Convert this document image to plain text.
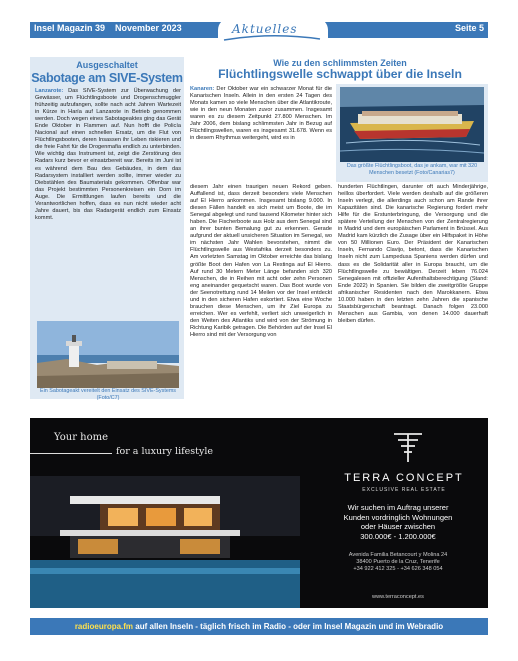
Insel Magazin 39 November 2023	Aktuelles	Seite 5
Ausgeschaltet
Sabotage am SIVE-System
Lanzarote: Das SIVE-System zur Überwachung der Gewässer, um Flüchtlingsboote und Drogenschmuggler frühzeitig aufzufangen, sollte nach acht Jahren Wartezeit in Kürze in Haría auf Lanzarote in Betrieb genommen werden. Doch wegen eines Sabotageaktes ging das Gerät Ende Oktober in Flammen auf. Nun hofft die Policía Nacional auf einen schnellen Ersatz, um die Flut von Flüchtlingsbooten, deren Insassen ihr Leben riskieren und die freie Fahrt für die Drogenmafia endlich zu unterbinden. Wie wichtig das Instrument ist, zeigt die Zerstörung des Radars kurz bevor er einsatzbereit war. Bereits im Juni ist es während dem Bau des Gebäudes, in dem das Radarsystem installiert werden sollte, immer wieder zu Diebstählen des Baumaterials gekommen. Offenbar war das Projekt bestimmten Personenkreisen ein Dorn im Auge. Die Ermittlungen laufen bereits und die Verantwortlichen hoffen, dass es nun nicht wieder acht Jahre dauert, bis das Radargerät endlich zum Einsatz kommt.
Ein Sabotageakt vereitelt den Einsatz des SIVE-Systems (Foto/C7)
Wie zu den schlimmsten Zeiten
Flüchtlingswelle schwappt über die Inseln
Kanaren: Der Oktober war ein schwarzer Monat für die Kanarischen Inseln. Allein in den ersten 24 Tagen des Monats kamen so viele Menschen über die Atlantikroute, wie in den neun Monaten zuvor zusammen. Insgesamt waren es zu diesem Zeitpunkt 27.800 Menschen. Im Jahr 2006, dem bislang schlimmsten Jahr in Bezug auf Flüchtlingswellen, waren es insgesamt 31.678. Wenn es in diesem Rhythmus weitergeht, wird es in
Das größte Flüchtlingsboot, das je ankam, war mit 320 Menschen besetzt (Foto/Canarias7)
diesem Jahr einen traurigen neuen Rekord geben. Auffallend ist, dass derzeit besonders viele Menschen auf El Hierro ankommen. Insgesamt bislang 9.000. In diesen Fällen handelt es sich meist um Boote, die im Senegal abgelegt und rund tausend Kilometer hinter sich haben. Die Fischerboote aus Holz aus dem Senegal sind an ihrer bunten Bemalung gut zu erkennen. Gerade aufgrund der aktuell unsicheren Situation im Senegal, wo im nächsten Jahr Wahlen bevorstehen, nimmt die Flüchtlingswelle aus Westafrika derzeit besonders zu. Am vorletzten Samstag im Oktober erreichte das bislang größte Boot den Hafen von La Restinga auf El Hierro. Auf rund 30 Metern Meter Länge befanden sich 320 Menschen, die in Reihen mit acht oder zehn Personen eng aneinander gequetscht waren. Das Boot wurde von der Seenotrettung rund 14 Meilen vor der Insel entdeckt und in den sicheren Hafen eskortiert. Etwa eine Woche brauchen diese Menschen, um ihr Ziel Europa zu erreichen. Wer es verfehlt, verliert sich unweigerlich in den Weiten des Atlantiks und wird von der Strömung in Richtung Karibik getragen. Die Behörden auf der Insel El Hierro sind mit der Versorgung von
hunderten Flüchtlingen, darunter oft auch Minderjährige, heillos überfordert. Viele werden deshalb auf die größeren Inseln verlegt, die allerdings auch schon am Rande ihrer Kapazitäten sind. Die kanarische Regierung fordert mehr Hilfe für die Erstunterbringung, die Versorgung und die spätere Verteilung der Menschen von der Zentralregierung in Madrid und dem europäischen Parlament in Brüssel. Aus Madrid kam kürzlich die Zusage über ein Hilfspaket in Höhe von 50 Millionen Euro. Der Präsident der Kanarischen Inseln, Fernando Clavijo, betont, dass die Kanarischen Inseln nicht zum Lampedusa Spaniens werden dürfen und dass es die Solidarität aller in Europa braucht, um die Flüchtlingswelle zu bewältigen. Derzeit leben 76.024 Senegalesen mit offizieller Aufenthaltsberechtigung (Stand: Ende 2022) in Spanien. Sie bilden die zweitgrößte Gruppe afrikanischer Residenten nach den Marokkanern. Etwa 10.000 haben in den letzten zehn Jahren die spanische Staatsbürgerschaft beantragt. Danach folgen 23.000 Menschen aus Gambia, von denen 14.000 dauerhaft bleiben dürfen.
Your home
for a luxury lifestyle
TERRA CONCEPT
EXCLUSIVE REAL ESTATE
Wir suchen im Auftrag unserer
Kunden vordringlich Wohnungen
oder Häuser zwischen
300.000€ - 1.200.000€
Avenida Familia Betancourt y Molina 24
38400 Puerto de la Cruz, Tenerife
+34 922 412 325 - +34 626 348 054
www.terraconcept.es
radioeuropa.fm auf allen Inseln - täglich frisch im Radio - oder im Insel Magazin und im Webradio
